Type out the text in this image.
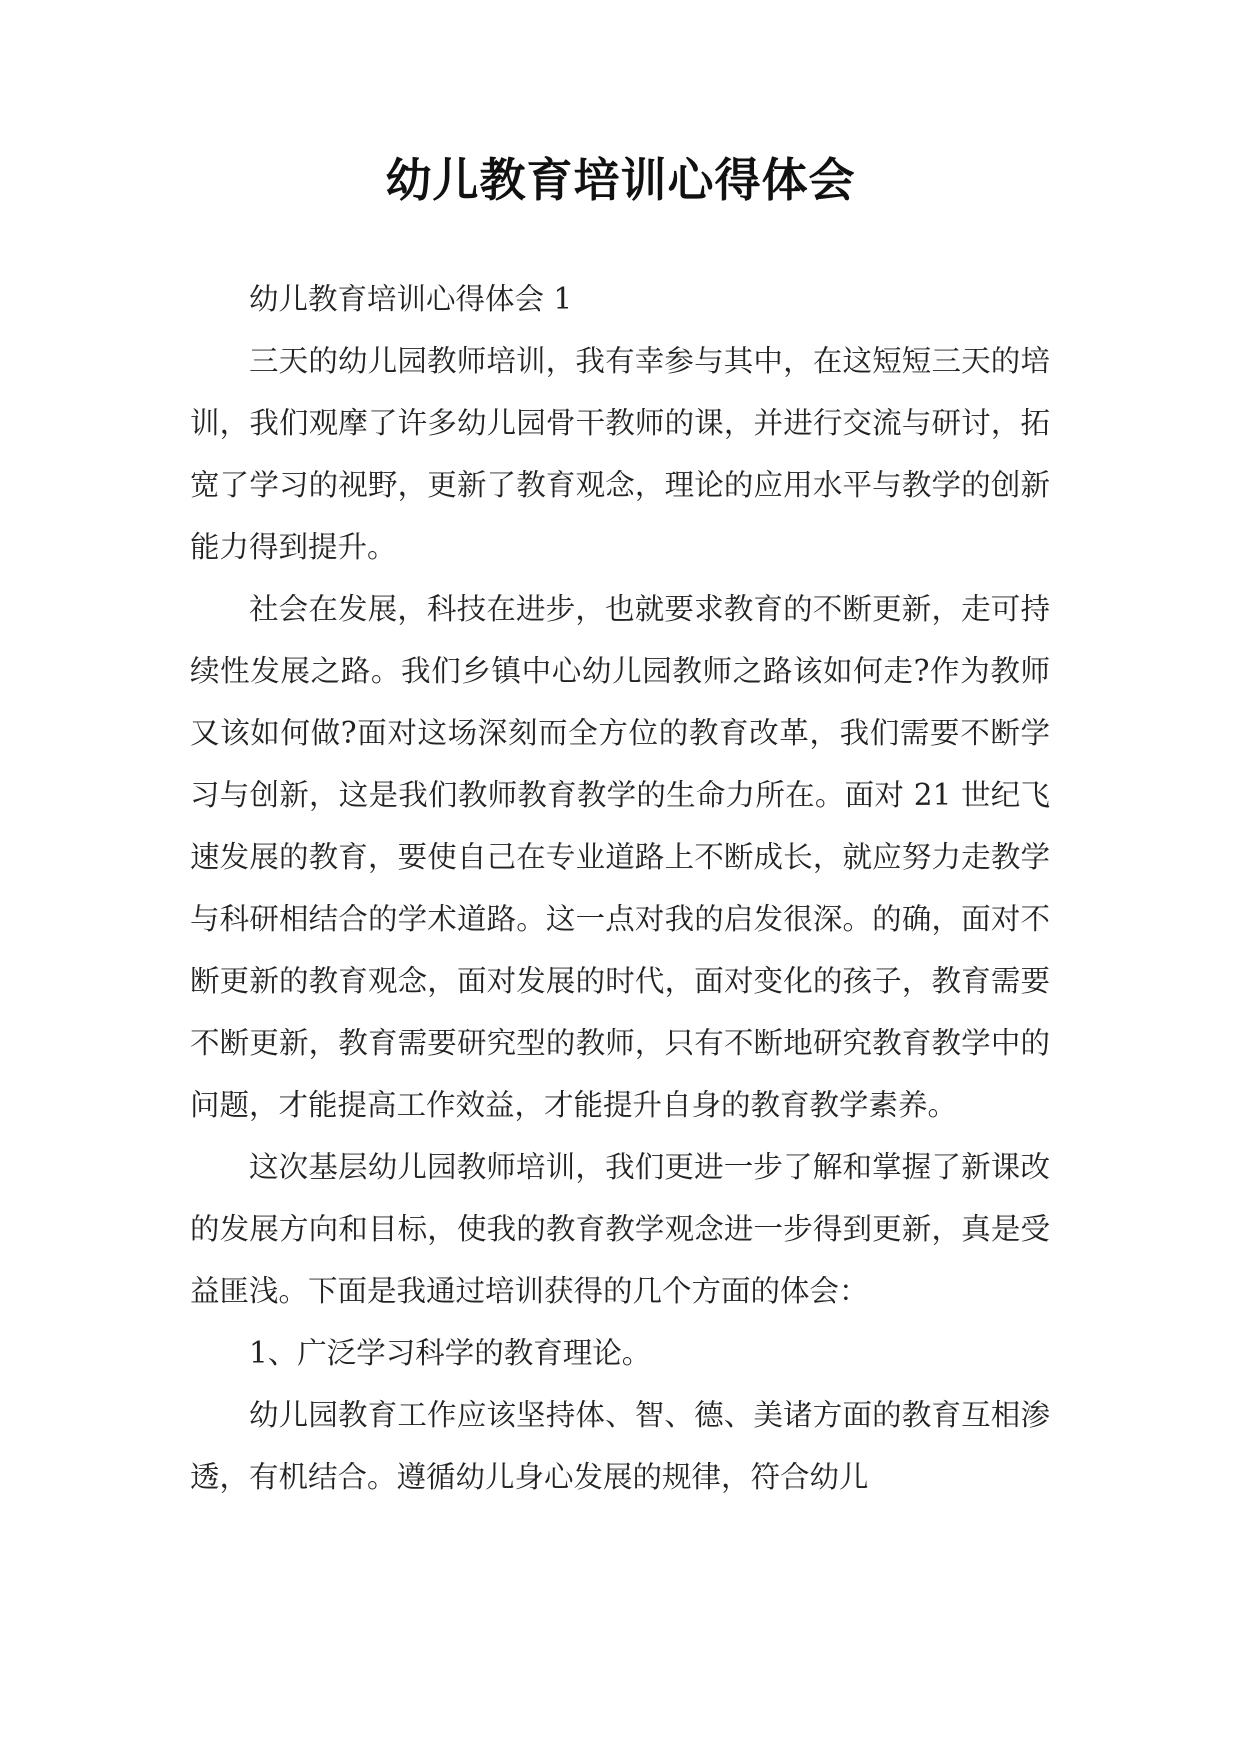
幼儿教育培训心得体会

幼儿教育培训心得体会 1

三天的幼儿园教师培训，我有幸参与其中，在这短短三天的培训，我们观摩了许多幼儿园骨干教师的课，并进行交流与研讨，拓宽了学习的视野，更新了教育观念，理论的应用水平与教学的创新能力得到提升。

社会在发展，科技在进步，也就要求教育的不断更新，走可持续性发展之路。我们乡镇中心幼儿园教师之路该如何走?作为教师又该如何做?面对这场深刻而全方位的教育改革，我们需要不断学习与创新，这是我们教师教育教学的生命力所在。面对 21 世纪飞速发展的教育，要使自己在专业道路上不断成长，就应努力走教学与科研相结合的学术道路。这一点对我的启发很深。的确，面对不断更新的教育观念，面对发展的时代，面对变化的孩子，教育需要不断更新，教育需要研究型的教师，只有不断地研究教育教学中的问题，才能提高工作效益，才能提升自身的教育教学素养。

这次基层幼儿园教师培训，我们更进一步了解和掌握了新课改的发展方向和目标，使我的教育教学观念进一步得到更新，真是受益匪浅。下面是我通过培训获得的几个方面的体会：

1、广泛学习科学的教育理论。

幼儿园教育工作应该坚持体、智、德、美诸方面的教育互相渗透，有机结合。遵循幼儿身心发展的规律，符合幼儿
